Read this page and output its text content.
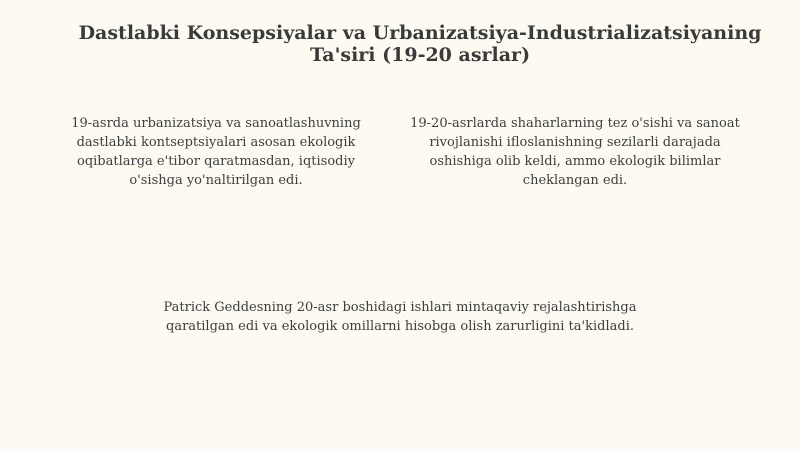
Dastlabki Konsepsiyalar va Urbanizatsiya-Industrializatsiyaning Ta'siri (19-20 asrlar)

19-asrda urbanizatsiya va sanoatlashuvning dastlabki kontseptsiyalari asosan ekologik oqibatlarga e'tibor qaratmasdan, iqtisodiy o'sishga yo'naltirilgan edi.

19-20-asrlarda shaharlarning tez o'sishi va sanoat rivojlanishi ifloslanishning sezilarli darajada oshishiga olib keldi, ammo ekologik bilimlar cheklangan edi.

Patrick Geddesning 20-asr boshidagi ishlari mintaqaviy rejalashtirishga qaratilgan edi va ekologik omillarni hisobga olish zarurligini ta'kidladi.
